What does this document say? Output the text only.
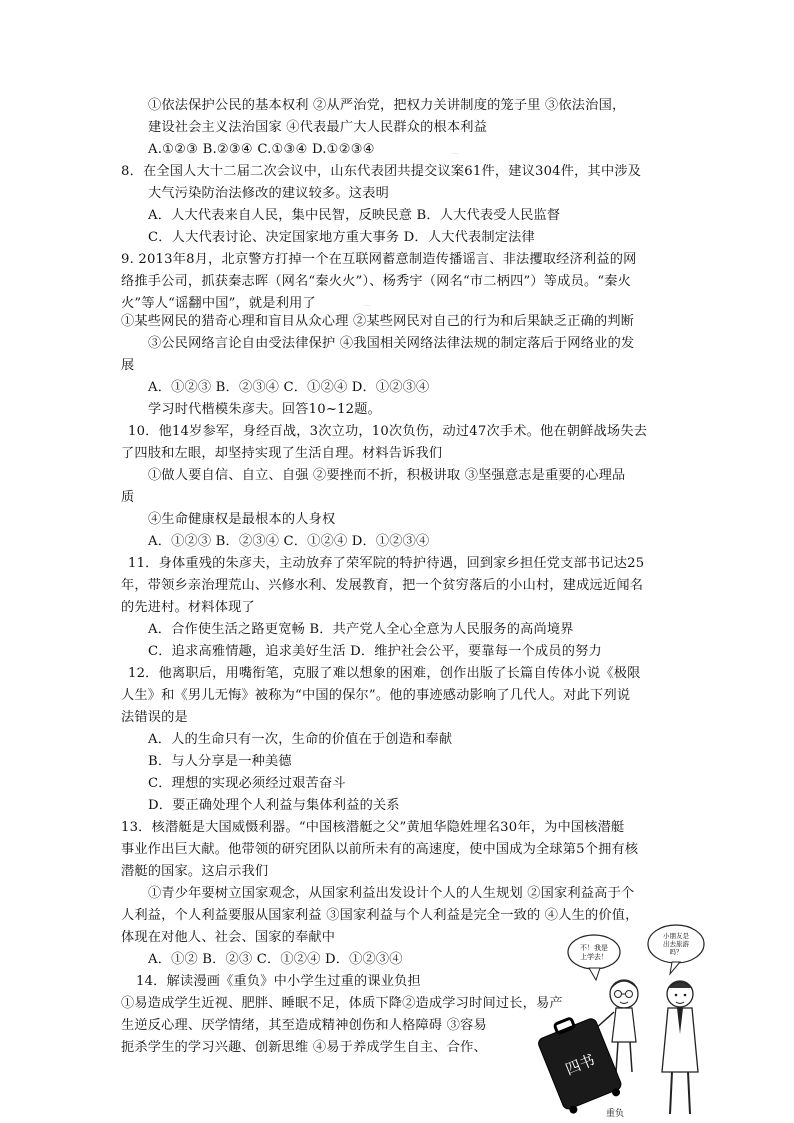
①依法保护公民的基本权利 ②从严治党，把权力关讲制度的笼子里 ③依法治国，
建设社会主义法治国家 ④代表最广大人民群众的根本利益
A.①②③ B.②③④ C.①③④ D.①②③④	.....
8．在全国人大十二届二次会议中，山东代表团共提交议案61件，建议304件，其中涉及
大气污染防治法修改的建议较多。这表明
A．人大代表来自人民，集中民智，反映民意 B．人大代表受人民监督
C．人大代表讨论、决定国家地方重大事务 D．人大代表制定法律
9. 2013年8月，北京警方打掉一个在互联网蓄意制造传播谣言、非法攫取经济利益的网
络推手公司，抓获秦志晖（网名“秦火火”）、杨秀宇（网名“市二柄四”）等成员。“秦火
火”等人“谣翻中国”，就是利用了	.....
①某些网民的猎奇心理和盲目从众心理 ②某些网民对自己的行为和后果缺乏正确的判断
③公民网络言论自由受法律保护 ④我国相关网络法律法规的制定落后于网络业的发
展
A．①②③ B．②③④ C．①②④ D．①②③④
学习时代楷模朱彦夫。回答10~12题。
10．他14岁参军，身经百战，3次立功，10次负伤，动过47次手术。他在朝鲜战场失去
了四肢和左眼，却坚持实现了生活自理。材料告诉我们
①做人要自信、自立、自强 ②要挫而不折，积极讲取 ③坚强意志是重要的心理品
质
④生命健康权是最根本的人身权
A．①②③ B．②③④ C．①②④ D．①②③④
11．身体重残的朱彦夫，主动放弃了荣军院的特护待遇，回到家乡担任党支部书记达25
年，带领乡亲治理荒山、兴修水利、发展教育，把一个贫穷落后的小山村，建成远近闻名
的先进村。材料体现了
A．合作使生活之路更宽畅 B．共产党人全心全意为人民服务的高尚境界
C．追求高雅情趣，追求美好生活 D．维护社会公平，要靠每一个成员的努力
12．他离职后，用嘴衔笔，克服了难以想象的困难，创作出版了长篇自传体小说《极限
人生》和《男儿无悔》被称为“中国的保尔”。他的事迹感动影响了几代人。对此下列说
法错误的是
A．人的生命只有一次，生命的价值在于创造和奉献
B．与人分享是一种美德
C．理想的实现必须经过艰苦奋斗
D．要正确处理个人利益与集体利益的关系
13．核潜艇是大国威慑利器。“中国核潜艇之父”黄旭华隐姓埋名30年，为中国核潜艇
事业作出巨大献。他带领的研究团队以前所未有的高速度，使中国成为全球第5个拥有核
潜艇的国家。这启示我们
①青少年要树立国家观念，从国家利益出发设计个人的人生规划 ②国家利益高于个
人利益，个人利益要服从国家利益 ③国家利益与个人利益是完全一致的 ④人生的价值，
体现在对他人、社会、国家的奉献中
A．①② B．②③ C．①②④ D．①②③④
14．解读漫画《重负》中小学生过重的课业负担
①易造成学生近视、肥胖、睡眠不足，体质下降②造成学习时间过长，易产
生逆反心理、厌学情绪，其至造成精神创伤和人格障碍 ③容易
扼杀学生的学习兴趣、创新思维 ④易于养成学生自主、合作、
不！我是
上学去！
小朋友是
出去旅游
吗？
四书
重负
